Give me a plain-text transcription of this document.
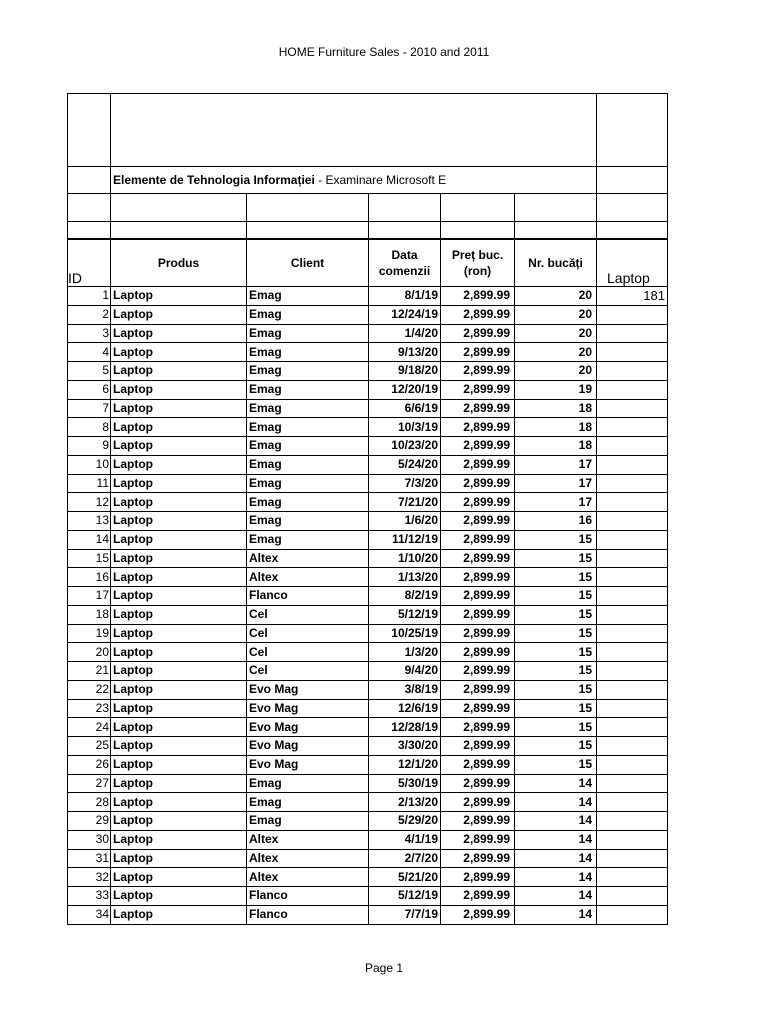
HOME Furniture Sales - 2010 and 2011

	Elemente de Tehnologia Informației - Examinare Microsoft E					

ID	Produs	Client	Data comenzii	Preț buc. (ron)	Nr. bucăți	Laptop
1	Laptop	Emag	8/1/19	2,899.99	20	181
2	Laptop	Emag	12/24/19	2,899.99	20	
3	Laptop	Emag	1/4/20	2,899.99	20	
4	Laptop	Emag	9/13/20	2,899.99	20	
5	Laptop	Emag	9/18/20	2,899.99	20	
6	Laptop	Emag	12/20/19	2,899.99	19	
7	Laptop	Emag	6/6/19	2,899.99	18	
8	Laptop	Emag	10/3/19	2,899.99	18	
9	Laptop	Emag	10/23/20	2,899.99	18	
10	Laptop	Emag	5/24/20	2,899.99	17	
11	Laptop	Emag	7/3/20	2,899.99	17	
12	Laptop	Emag	7/21/20	2,899.99	17	
13	Laptop	Emag	1/6/20	2,899.99	16	
14	Laptop	Emag	11/12/19	2,899.99	15	
15	Laptop	Altex	1/10/20	2,899.99	15	
16	Laptop	Altex	1/13/20	2,899.99	15	
17	Laptop	Flanco	8/2/19	2,899.99	15	
18	Laptop	Cel	5/12/19	2,899.99	15	
19	Laptop	Cel	10/25/19	2,899.99	15	
20	Laptop	Cel	1/3/20	2,899.99	15	
21	Laptop	Cel	9/4/20	2,899.99	15	
22	Laptop	Evo Mag	3/8/19	2,899.99	15	
23	Laptop	Evo Mag	12/6/19	2,899.99	15	
24	Laptop	Evo Mag	12/28/19	2,899.99	15	
25	Laptop	Evo Mag	3/30/20	2,899.99	15	
26	Laptop	Evo Mag	12/1/20	2,899.99	15	
27	Laptop	Emag	5/30/19	2,899.99	14	
28	Laptop	Emag	2/13/20	2,899.99	14	
29	Laptop	Emag	5/29/20	2,899.99	14	
30	Laptop	Altex	4/1/19	2,899.99	14	
31	Laptop	Altex	2/7/20	2,899.99	14	
32	Laptop	Altex	5/21/20	2,899.99	14	
33	Laptop	Flanco	5/12/19	2,899.99	14	
34	Laptop	Flanco	7/7/19	2,899.99	14	
Page 1
